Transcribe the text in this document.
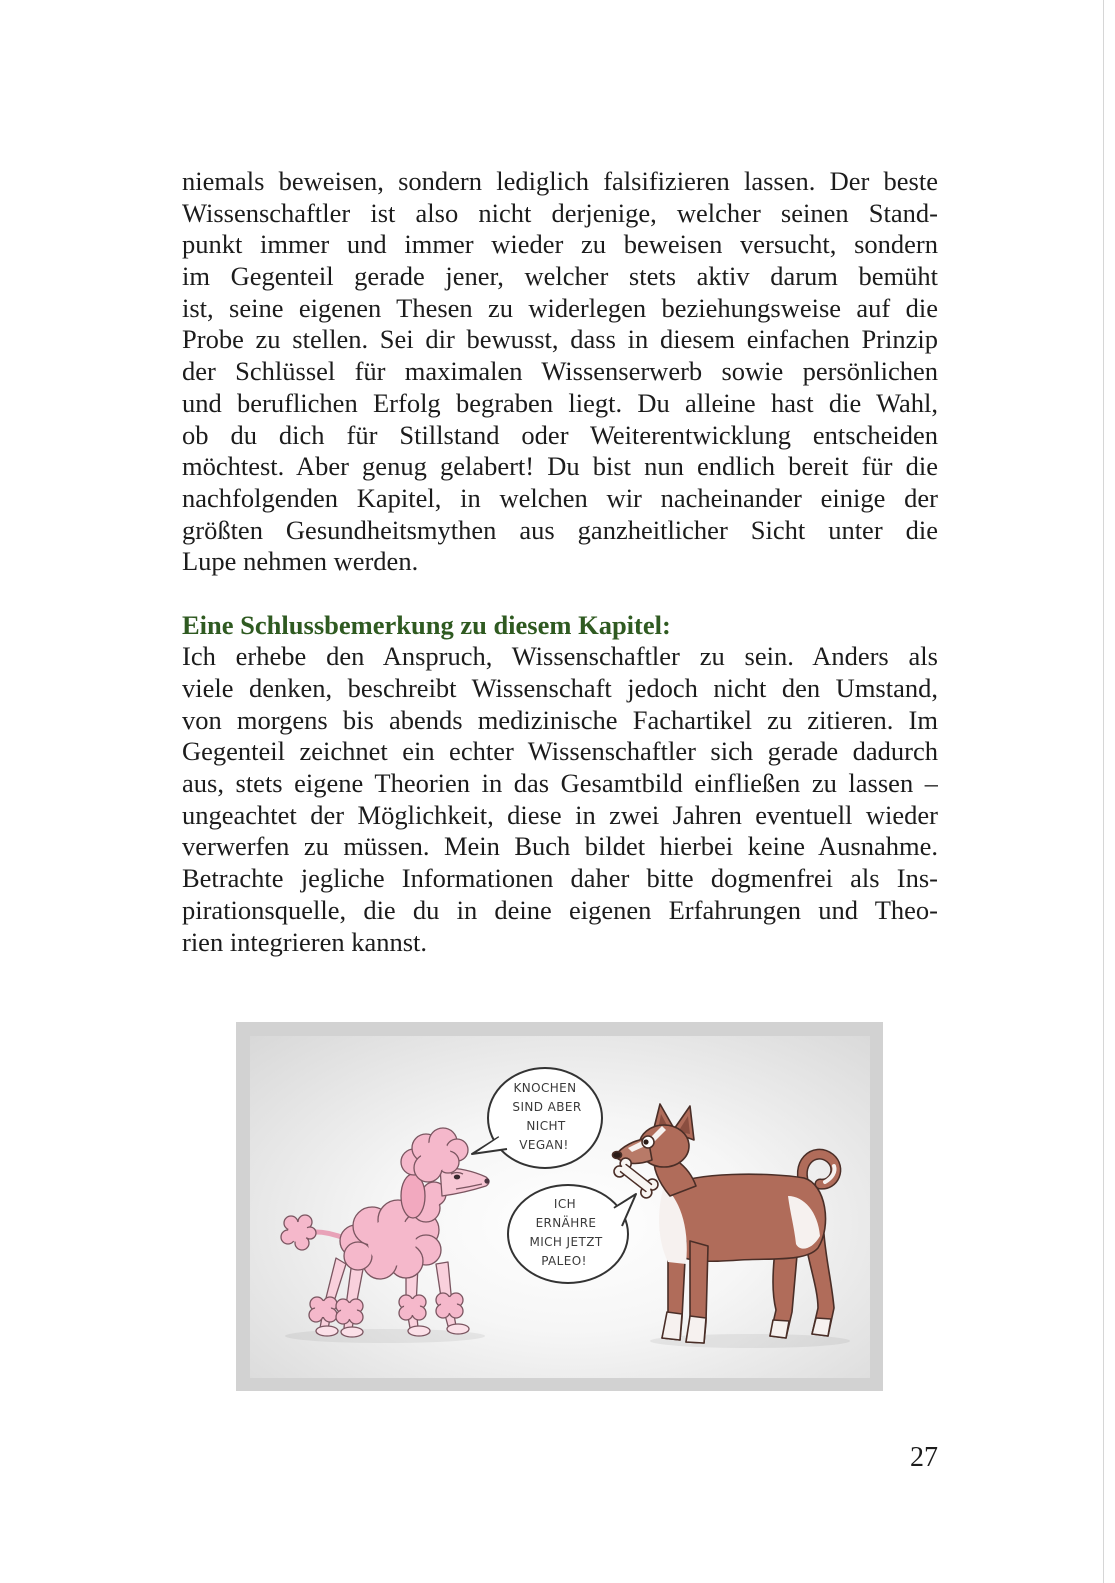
niemals beweisen, sondern lediglich falsifizieren lassen. Der beste
Wissenschaftler ist also nicht derjenige, welcher seinen Stand-
punkt immer und immer wieder zu beweisen versucht, sondern
im Gegenteil gerade jener, welcher stets aktiv darum bemüht
ist, seine eigenen Thesen zu widerlegen beziehungsweise auf die
Probe zu stellen. Sei dir bewusst, dass in diesem einfachen Prinzip
der Schlüssel für maximalen Wissenserwerb sowie persönlichen
und beruflichen Erfolg begraben liegt. Du alleine hast die Wahl,
ob du dich für Stillstand oder Weiterentwicklung entscheiden
möchtest. Aber genug gelabert! Du bist nun endlich bereit für die
nachfolgenden Kapitel, in welchen wir nacheinander einige der
größten Gesundheitsmythen aus ganzheitlicher Sicht unter die
Lupe nehmen werden.
Eine Schlussbemerkung zu diesem Kapitel:
Ich erhebe den Anspruch, Wissenschaftler zu sein. Anders als
viele denken, beschreibt Wissenschaft jedoch nicht den Umstand,
von morgens bis abends medizinische Fachartikel zu zitieren. Im
Gegenteil zeichnet ein echter Wissenschaftler sich gerade dadurch
aus, stets eigene Theorien in das Gesamtbild einfließen zu lassen –
ungeachtet der Möglichkeit, diese in zwei Jahren eventuell wieder
verwerfen zu müssen. Mein Buch bildet hierbei keine Ausnahme.
Betrachte jegliche Informationen daher bitte dogmenfrei als Ins-
pirationsquelle, die du in deine eigenen Erfahrungen und Theo-
rien integrieren kannst.
KNOCHEN
SIND ABER
NICHT
VEGAN!
ICH
ERNÄHRE
MICH JETZT
PALEO!
27
